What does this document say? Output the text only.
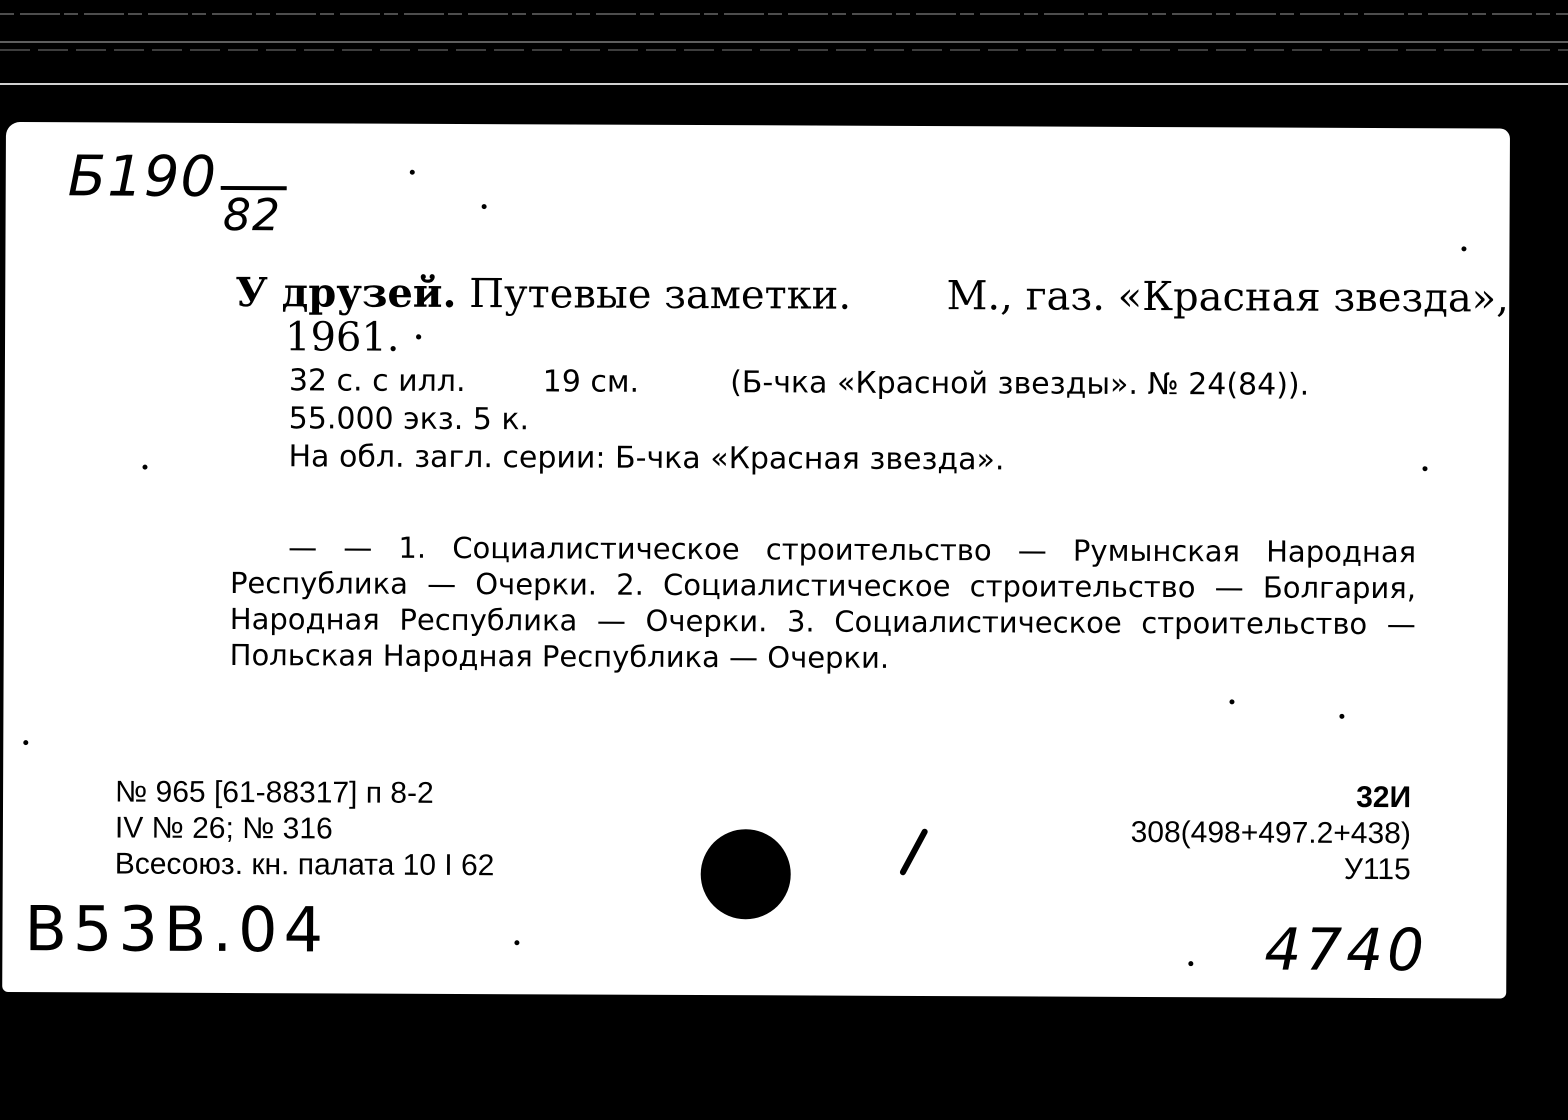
Б19082
У друзей. Путевые заметки. М., газ. «Красная звезда»,
1961. ·
32 с. с илл.	19 см.	(Б-чка «Красной звезды». № 24(84)).
55.000 экз. 5 к.
На обл. загл. серии: Б-чка «Красная звезда».
— — 1. Социалистическое строительство — Румынская Народная Республика — Очерки. 2. Социалистическое строительство — Болгария, Народная Республика — Очерки. 3. Социалистическое строительство — Польская Народная Республика — Очерки.
№ 965 [61-88317] п 8-2
IV № 26; № 316
Всесоюз. кн. палата 10 I 62
32И
308(498+497.2+438)
У115
B53B.04	4740
